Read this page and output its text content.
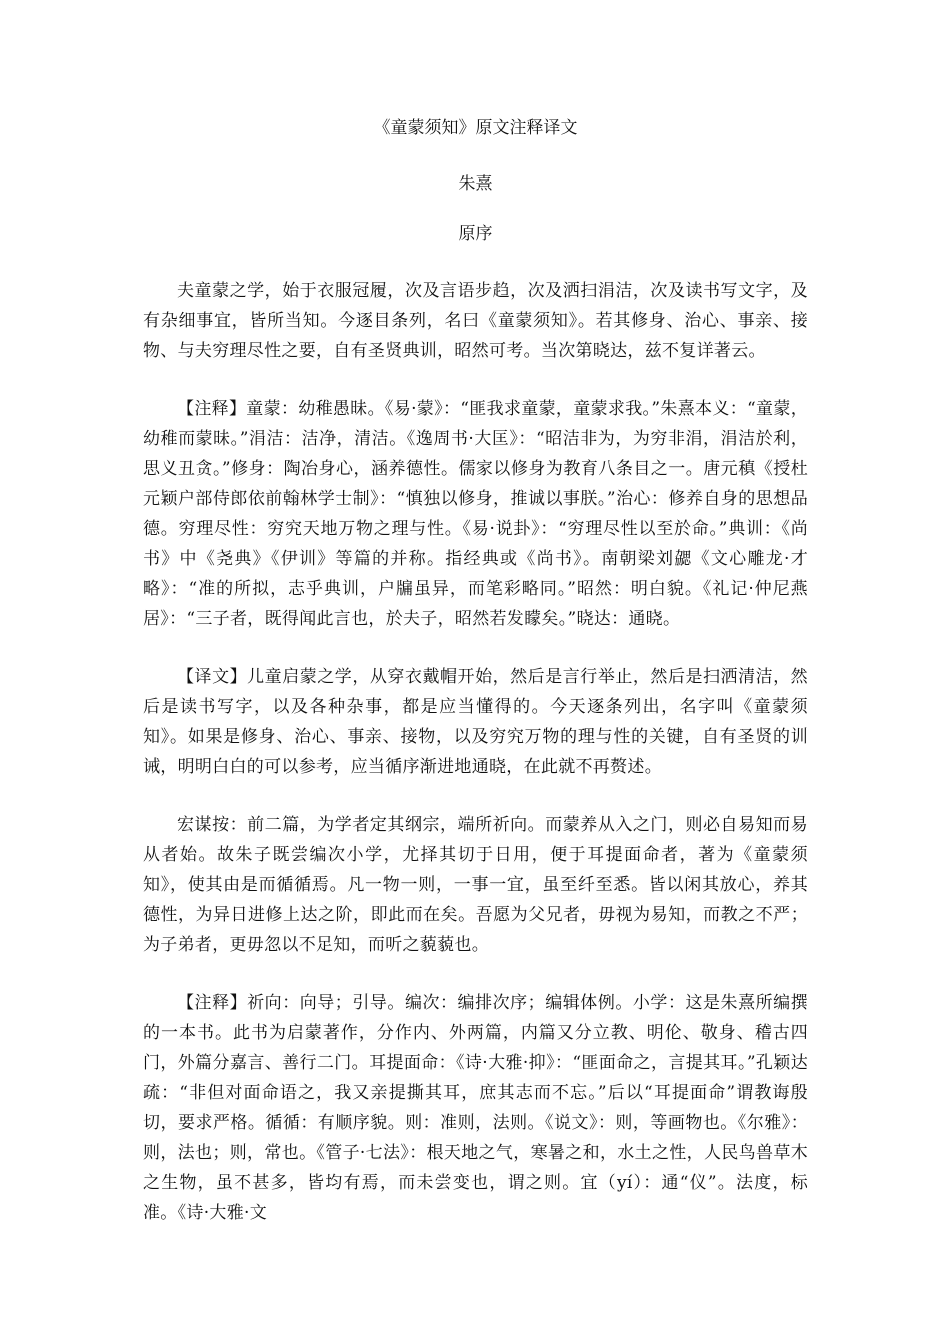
《童蒙须知》原文注释译文

朱熹

原序

夫童蒙之学，始于衣服冠履，次及言语步趋，次及洒扫涓洁，次及读书写文字，及有杂细事宜，皆所当知。今逐目条列，名曰《童蒙须知》。若其修身、治心、事亲、接物、与夫穷理尽性之要，自有圣贤典训，昭然可考。当次第晓达，兹不复详著云。

【注释】童蒙：幼稚愚昧。《易·蒙》：“匪我求童蒙，童蒙求我。”朱熹本义：“童蒙，幼稚而蒙昧。”涓洁：洁净，清洁。《逸周书·大匡》：“昭洁非为，为穷非涓，涓洁於利，思义丑贪。”修身：陶冶身心，涵养德性。儒家以修身为教育八条目之一。唐元稹《授杜元颖户部侍郎依前翰林学士制》：“慎独以修身，推诚以事朕。”治心：修养自身的思想品德。穷理尽性：穷究天地万物之理与性。《易·说卦》：“穷理尽性以至於命。”典训：《尚书》中《尧典》《伊训》等篇的并称。指经典或《尚书》。南朝梁刘勰《文心雕龙·才略》：“准的所拟，志乎典训，户牖虽异，而笔彩略同。”昭然：明白貌。《礼记·仲尼燕居》：“三子者，既得闻此言也，於夫子，昭然若发矇矣。”晓达：通晓。

【译文】儿童启蒙之学，从穿衣戴帽开始，然后是言行举止，然后是扫洒清洁，然后是读书写字，以及各种杂事，都是应当懂得的。今天逐条列出，名字叫《童蒙须知》。如果是修身、治心、事亲、接物，以及穷究万物的理与性的关键，自有圣贤的训诫，明明白白的可以参考，应当循序渐进地通晓，在此就不再赘述。

宏谋按：前二篇，为学者定其纲宗，端所祈向。而蒙养从入之门，则必自易知而易从者始。故朱子既尝编次小学，尤择其切于日用，便于耳提面命者，著为《童蒙须知》，使其由是而循循焉。凡一物一则，一事一宜，虽至纤至悉。皆以闲其放心，养其德性，为异日进修上达之阶，即此而在矣。吾愿为父兄者，毋视为易知，而教之不严；为子弟者，更毋忽以不足知，而听之藐藐也。

【注释】祈向：向导；引导。编次：编排次序；编辑体例。小学：这是朱熹所编撰的一本书。此书为启蒙著作，分作内、外两篇，内篇又分立教、明伦、敬身、稽古四门，外篇分嘉言、善行二门。耳提面命：《诗·大雅·抑》：“匪面命之，言提其耳。”孔颖达疏：“非但对面命语之，我又亲提撕其耳，庶其志而不忘。”后以“耳提面命”谓教诲殷切，要求严格。循循：有顺序貌。则：准则，法则。《说文》：则，等画物也。《尔雅》：则，法也；则，常也。《管子·七法》：根天地之气，寒暑之和，水土之性，人民鸟兽草木之生物，虽不甚多，皆均有焉，而未尝变也，谓之则。宜（yí）：通“仪”。法度，标准。《诗·大雅·文
